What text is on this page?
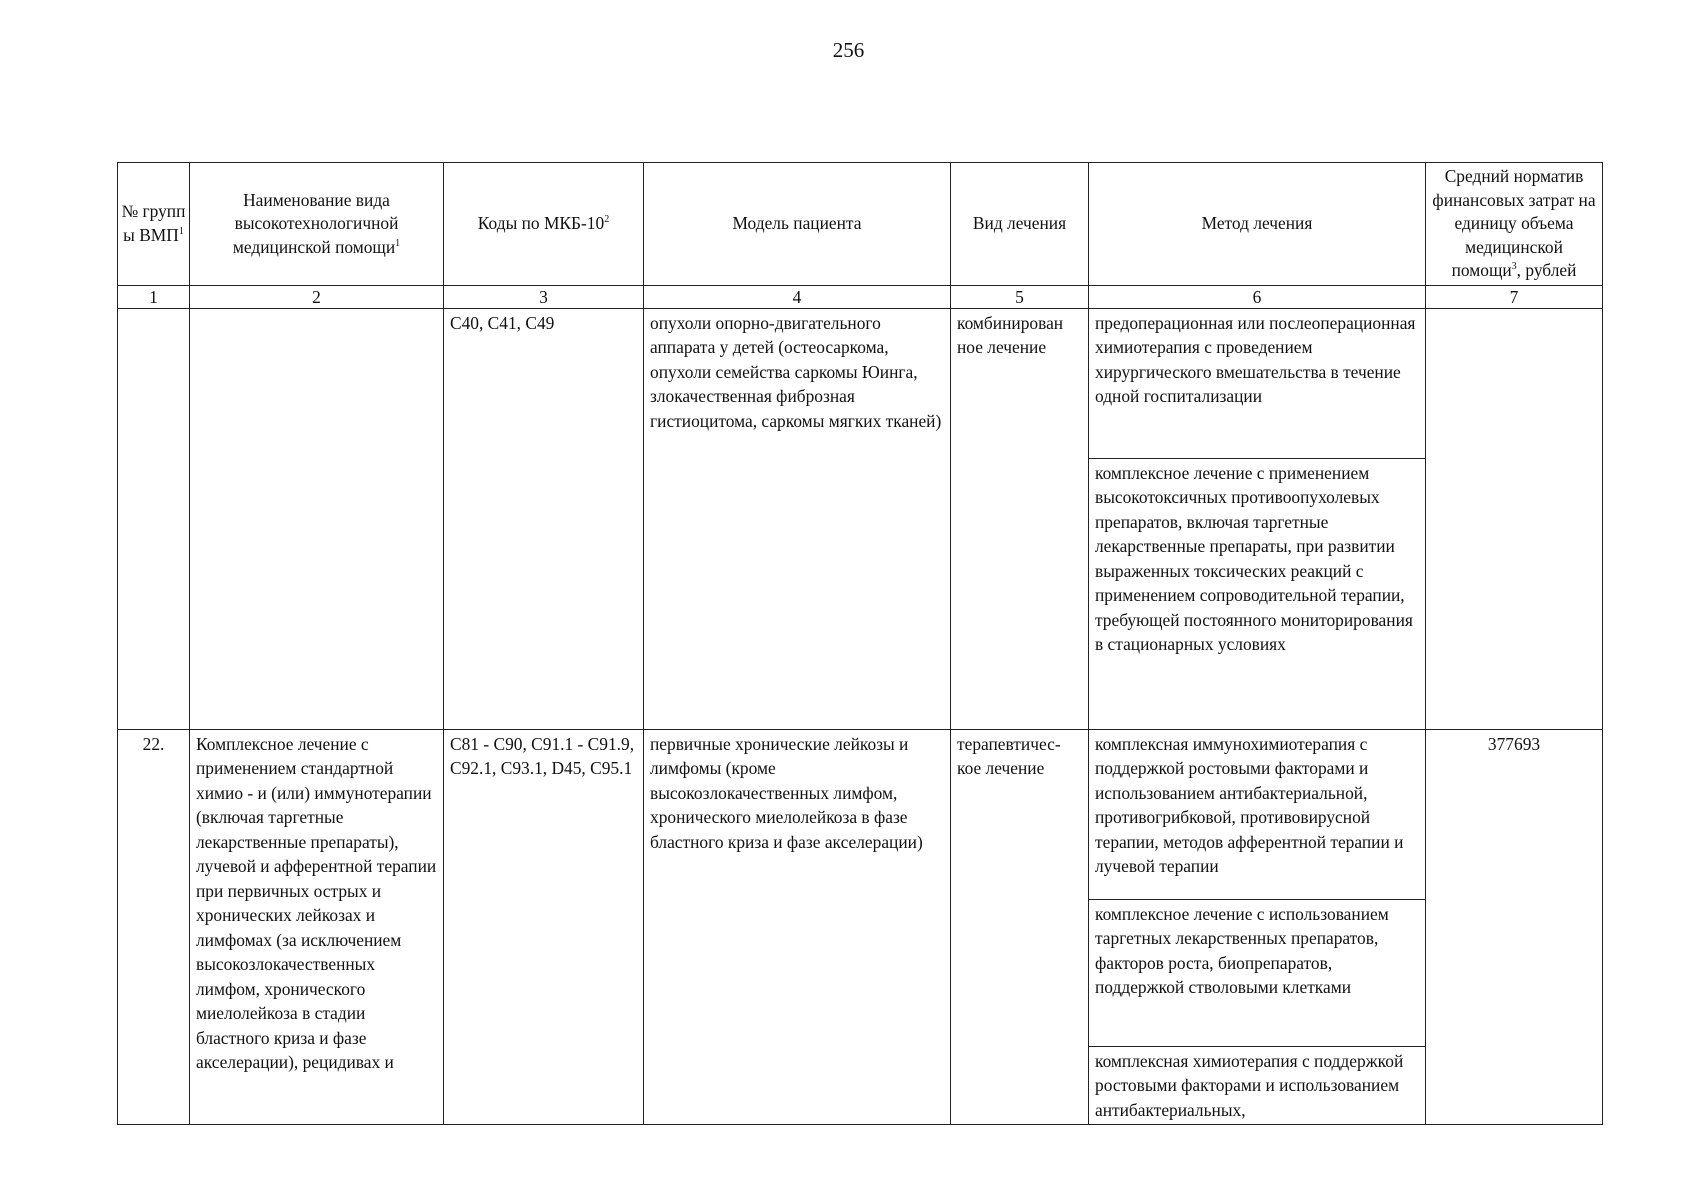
256
№ групп ы ВМП$^1$	Наименование вида высокотехнологичной медицинской помощи$^1$	Коды по МКБ-$10^2$	Модель пациента	Вид лечения	Метод лечения	Средний норматив финансовых затрат на единицу объема медицинской помощи$^3$, рублей
1	2	3	4	5	6	7
		C40, C41, C49	опухоли опорно-двигательного аппарата у детей (остеосаркома, опухоли семейства саркомы Юинга, злокачественная фиброзная гистиоцитома, саркомы мягких тканей)	комбинирован ное лечение	предоперационная или послеоперационная химиотерапия с проведением хирургического вмешательства в течение одной госпитализации	
					комплексное лечение с применением высокотоксичных противоопухолевых препаратов, включая таргетные лекарственные препараты, при развитии выраженных токсических реакций с применением сопроводительной терапии, требующей постоянного мониторирования в стационарных условиях	
22.	Комплексное лечение с применением стандартной химио - и (или) иммунотерапии (включая таргетные лекарственные препараты), лучевой и афферентной терапии при первичных острых и хронических лейкозах и лимфомах (за исключением высокозлокачественных лимфом, хронического миелолейкоза в стадии бластного криза и фазе акселерации), рецидивах и	C81 - C90, C91.1 - C91.9, C92.1, C93.1, D45, C95.1	первичные хронические лейкозы и лимфомы (кроме высокозлокачественных лимфом, хронического миелолейкоза в фазе бластного криза и фазе акселерации)	терапевтичес-кое лечение	комплексная иммунохимиотерапия с поддержкой ростовыми факторами и использованием антибактериальной, противогрибковой, противовирусной терапии, методов афферентной терапии и лучевой терапии	377693
					комплексное лечение с использованием таргетных лекарственных препаратов, факторов роста, биопрепаратов, поддержкой стволовыми клетками	
					комплексная химиотерапия с поддержкой ростовыми факторами и использованием антибактериальных,	
